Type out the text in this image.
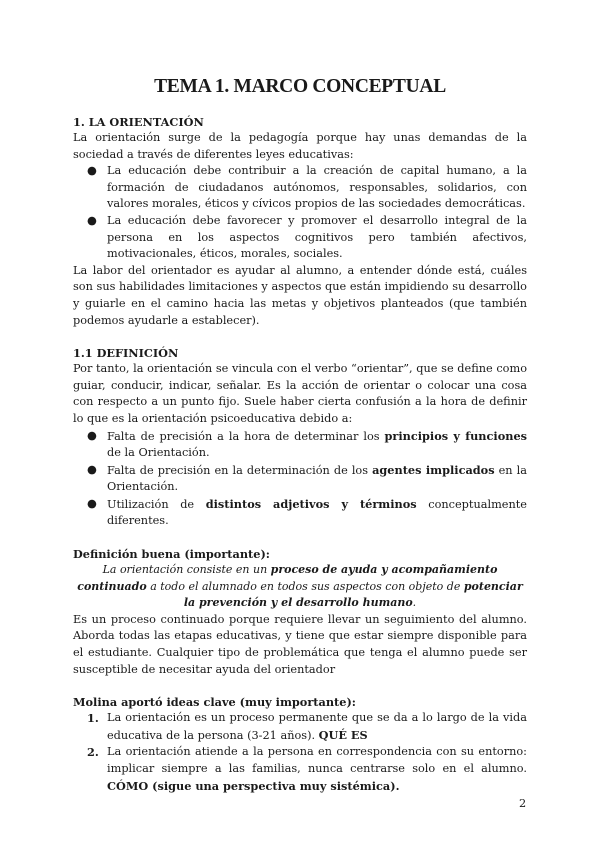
TEMA 1. MARCO CONCEPTUAL
1. LA ORIENTACIÓN

La orientación surge de la pedagogía porque hay unas demandas de la sociedad a través de diferentes leyes educativas:

● La educación debe contribuir a la creación de capital humano, a la formación de ciudadanos autónomos, responsables, solidarios, con valores morales, éticos y cívicos propios de las sociedades democráticas.
● La educación debe favorecer y promover el desarrollo integral de la persona en los aspectos cognitivos pero también afectivos, motivacionales, éticos, morales, sociales.

La labor del orientador es ayudar al alumno, a entender dónde está, cuáles son sus habilidades limitaciones y aspectos que están impidiendo su desarrollo y guiarle en el camino hacia las metas y objetivos planteados (que también podemos ayudarle a establecer).

1.1 DEFINICIÓN

Por tanto, la orientación se vincula con el verbo “orientar”, que se define como guiar, conducir, indicar, señalar. Es la acción de orientar o colocar una cosa con respecto a un punto fijo. Suele haber cierta confusión a la hora de definir lo que es la orientación psicoeducativa debido a:

● Falta de precisión a la hora de determinar los principios y funciones de la Orientación.
● Falta de precisión en la determinación de los agentes implicados en la Orientación.
● Utilización de distintos adjetivos y términos conceptualmente diferentes.
Definición buena (importante):

La orientación consiste en un proceso de ayuda y acompañamiento continuado a todo el alumnado en todos sus aspectos con objeto de potenciar la prevención y el desarrollo humano.

Es un proceso continuado porque requiere llevar un seguimiento del alumno. Aborda todas las etapas educativas, y tiene que estar siempre disponible para el estudiante. Cualquier tipo de problemática que tenga el alumno puede ser susceptible de necesitar ayuda del orientador

Molina aportó ideas clave (muy importante):
1. La orientación es un proceso permanente que se da a lo largo de la vida educativa de la persona (3-21 años). QUÉ ES
2. La orientación atiende a la persona en correspondencia con su entorno: implicar siempre a las familias, nunca centrarse solo en el alumno. CÓMO (sigue una perspectiva muy sistémica).
2
